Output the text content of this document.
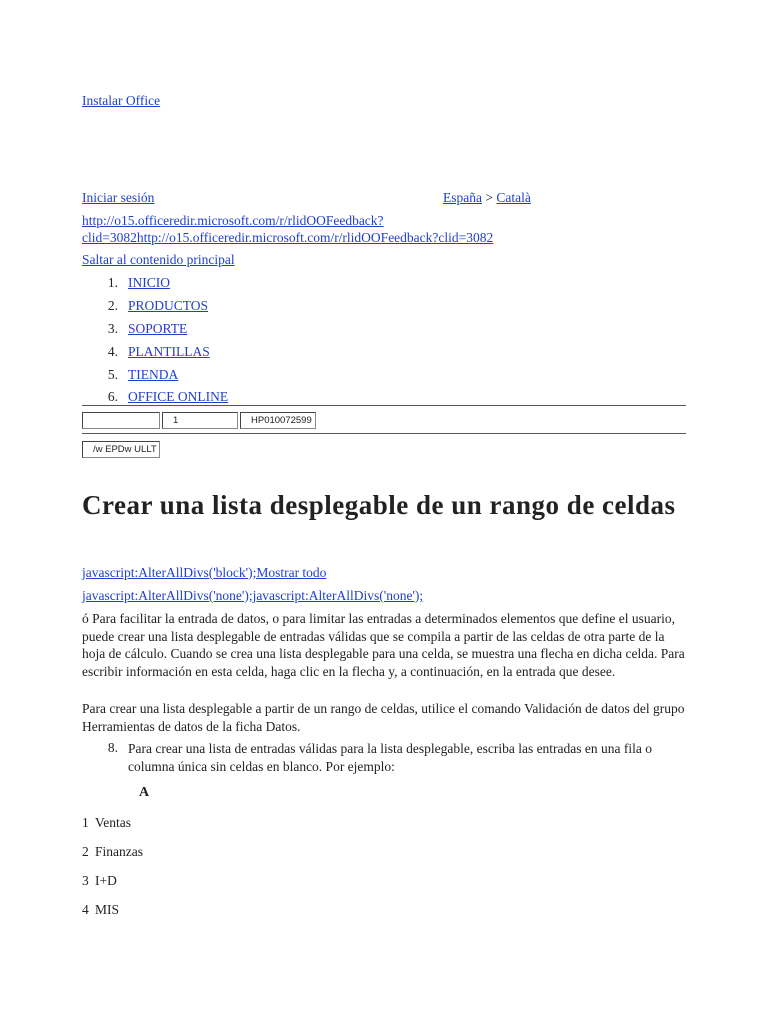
Instalar Office
Iniciar sesión	España > Català
http://o15.officeredir.microsoft.com/r/rlidOOFeedback?
clid=3082http://o15.officeredir.microsoft.com/r/rlidOOFeedback?clid=3082
Saltar al contenido principal
1. INICIO
2. PRODUCTOS
3. SOPORTE
4. PLANTILLAS
5. TIENDA
6. OFFICE ONLINE
1	HP010072599
/w EPDw ULLT
Crear una lista desplegable de un rango de celdas
javascript:AlterAllDivs('block');Mostrar todo
javascript:AlterAllDivs('none');javascript:AlterAllDivs('none');

ó Para facilitar la entrada de datos, o para limitar las entradas a determinados elementos que define el usuario, puede crear una lista desplegable de entradas válidas que se compila a partir de las celdas de otra parte de la hoja de cálculo. Cuando se crea una lista desplegable para una celda, se muestra una flecha en dicha celda. Para escribir información en esta celda, haga clic en la flecha y, a continuación, en la entrada que desee.

Para crear una lista desplegable a partir de un rango de celdas, utilice el comando Validación de datos del grupo Herramientas de datos de la ficha Datos.

8. Para crear una lista de entradas válidas para la lista desplegable, escriba las entradas en una fila o columna única sin celdas en blanco. Por ejemplo:

A
1 Ventas
2 Finanzas
3 I+D
4 MIS
